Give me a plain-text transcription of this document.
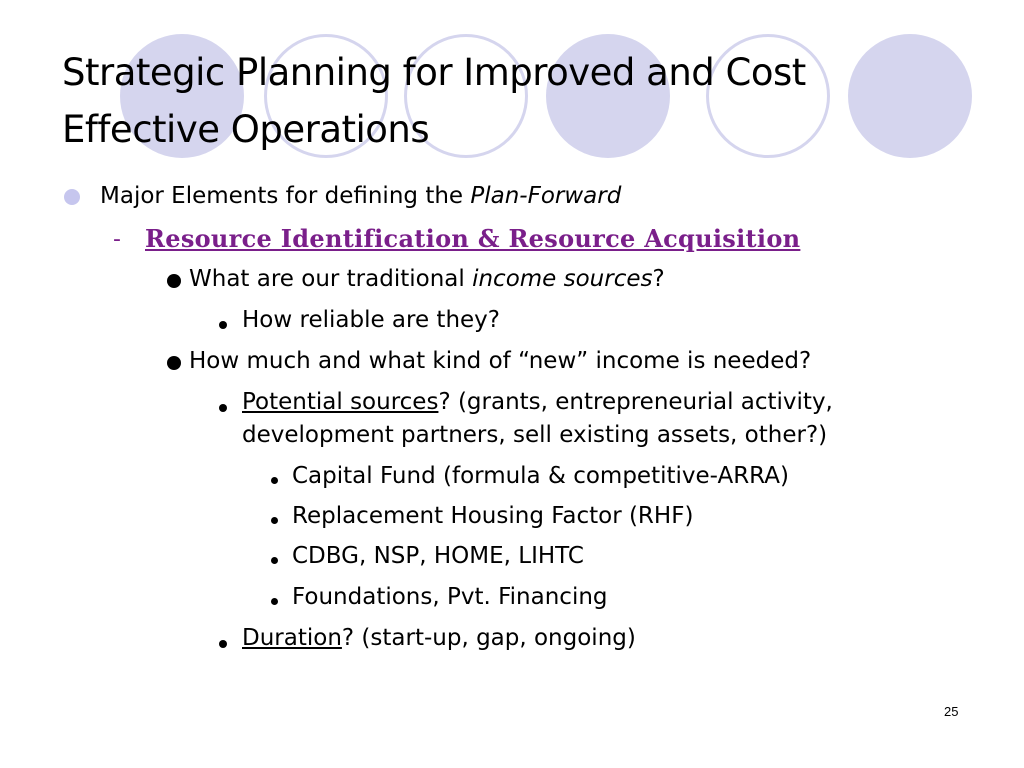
Strategic Planning for Improved and Cost
Effective Operations
Major Elements for defining the Plan-Forward
- Resource Identification & Resource Acquisition
What are our traditional income sources?
How reliable are they?
How much and what kind of “new” income is needed?
Potential sources? (grants, entrepreneurial activity,
development partners, sell existing assets, other?)
Capital Fund (formula & competitive-ARRA)
Replacement Housing Factor (RHF)
CDBG, NSP, HOME, LIHTC
Foundations, Pvt. Financing
Duration? (start-up, gap, ongoing)
25
